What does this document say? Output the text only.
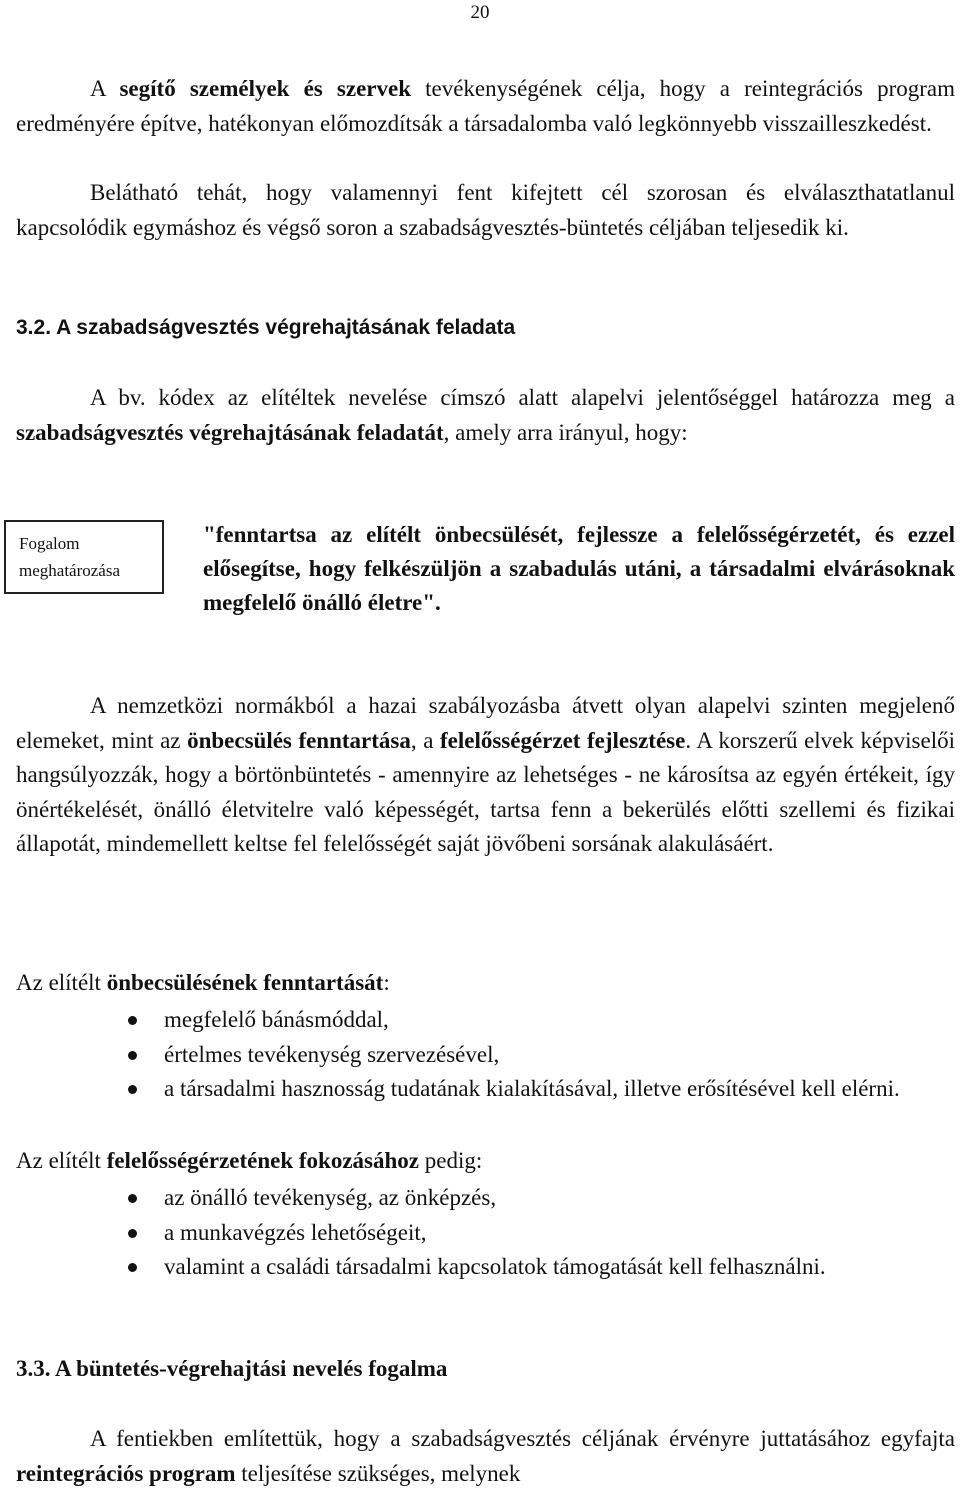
20

A segítő személyek és szervek tevékenységének célja, hogy a reintegrációs program eredményére építve, hatékonyan előmozdítsák a társadalomba való legkönnyebb visszailleszkedést.

Belátható tehát, hogy valamennyi fent kifejtett cél szorosan és elválaszthatatlanul kapcsolódik egymáshoz és végső soron a szabadságvesztés-büntetés céljában teljesedik ki.

3.2. A szabadságvesztés végrehajtásának feladata

A bv. kódex az elítéltek nevelése címszó alatt alapelvi jelentőséggel határozza meg a szabadságvesztés végrehajtásának feladatát, amely arra irányul, hogy:

Fogalom meghatározása

"fenntartsa az elítélt önbecsülését, fejlessze a felelősségérzetét, és ezzel elősegítse, hogy felkészüljön a szabadulás utáni, a társadalmi elvárásoknak megfelelő önálló életre".

A nemzetközi normákból a hazai szabályozásba átvett olyan alapelvi szinten megjelenő elemeket, mint az önbecsülés fenntartása, a felelősségérzet fejlesztése. A korszerű elvek képviselői hangsúlyozzák, hogy a börtönbüntetés - amennyire az lehetséges - ne károsítsa az egyén értékeit, így önértékelését, önálló életvitelre való képességét, tartsa fenn a bekerülés előtti szellemi és fizikai állapotát, mindemellett keltse fel felelősségét saját jövőbeni sorsának alakulásáért.

Az elítélt önbecsülésének fenntartását:

megfelelő bánásmóddal,
értelmes tevékenység szervezésével,
a társadalmi hasznosság tudatának kialakításával, illetve erősítésével kell elérni.

Az elítélt felelősségérzetének fokozásához pedig:

az önálló tevékenység, az önképzés,
a munkavégzés lehetőségeit,
valamint a családi társadalmi kapcsolatok támogatását kell felhasználni.
3.3. A büntetés-végrehajtási nevelés fogalma

A fentiekben említettük, hogy a szabadságvesztés céljának érvényre juttatásához egyfajta reintegrációs program teljesítése szükséges, melynek
